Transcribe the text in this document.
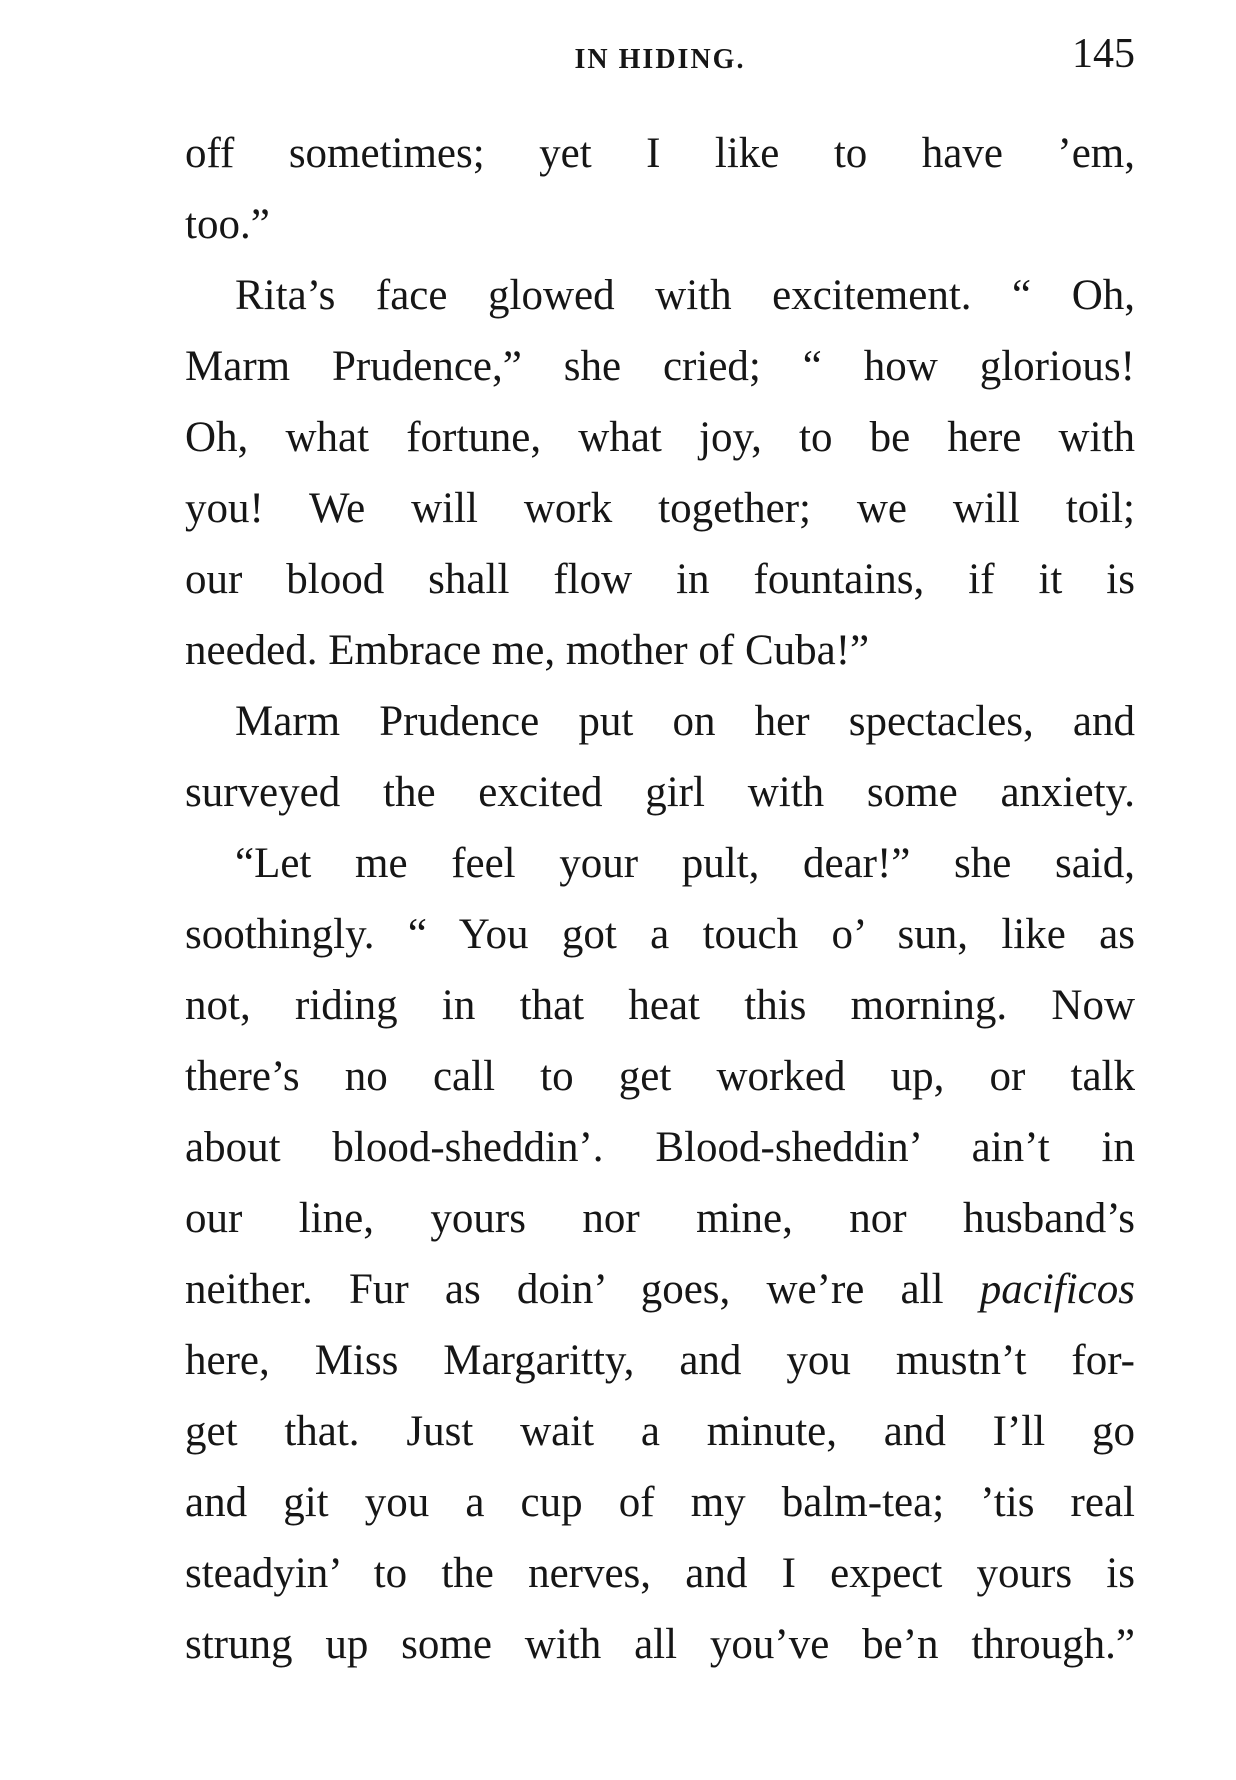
IN HIDING.	145
off sometimes; yet I like to have ’em,
too.”
Rita’s face glowed with excitement. “ Oh,
Marm Prudence,” she cried; “ how glorious!
Oh, what fortune, what joy, to be here with
you! We will work together; we will toil;
our blood shall flow in fountains, if it is
needed. Embrace me, mother of Cuba!”
Marm Prudence put on her spectacles, and
surveyed the excited girl with some anxiety.
“Let me feel your pult, dear!” she said,
soothingly. “ You got a touch o’ sun, like as
not, riding in that heat this morning. Now
there’s no call to get worked up, or talk
about blood-sheddin’. Blood-sheddin’ ain’t in
our line, yours nor mine, nor husband’s
neither. Fur as doin’ goes, we’re all pacificos
here, Miss Margaritty, and you mustn’t for-
get that. Just wait a minute, and I’ll go
and git you a cup of my balm-tea; ’tis real
steadyin’ to the nerves, and I expect yours is
strung up some with all you’ve be’n through.”
